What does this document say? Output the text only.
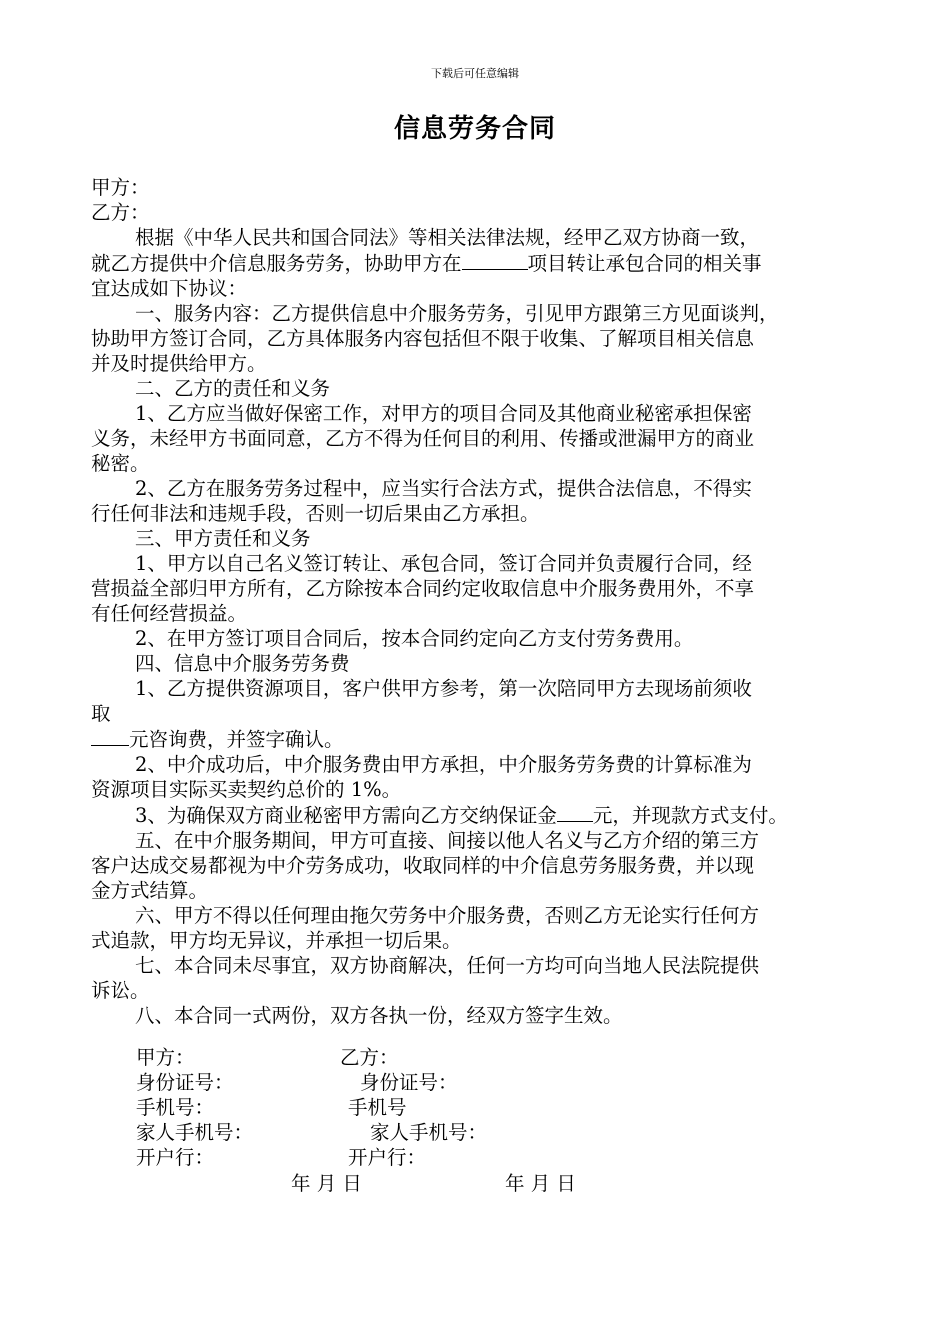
下载后可任意编辑
信息劳务合同
甲方：
乙方：
根据《中华人民共和国合同法》等相关法律法规，经甲乙双方协商一致，
就乙方提供中介信息服务劳务，协助甲方在	项目转让承包合同的相关事
宜达成如下协议：
一、服务内容：乙方提供信息中介服务劳务，引见甲方跟第三方见面谈判，
协助甲方签订合同，乙方具体服务内容包括但不限于收集、了解项目相关信息
并及时提供给甲方。
二、乙方的责任和义务
1、乙方应当做好保密工作，对甲方的项目合同及其他商业秘密承担保密
义务，未经甲方书面同意，乙方不得为任何目的利用、传播或泄漏甲方的商业
秘密。
2、乙方在服务劳务过程中，应当实行合法方式，提供合法信息，不得实
行任何非法和违规手段，否则一切后果由乙方承担。
三、甲方责任和义务
1、甲方以自己名义签订转让、承包合同，签订合同并负责履行合同，经
营损益全部归甲方所有，乙方除按本合同约定收取信息中介服务费用外，不享
有任何经营损益。
2、在甲方签订项目合同后，按本合同约定向乙方支付劳务费用。
四、信息中介服务劳务费
1、乙方提供资源项目，客户供甲方参考，第一次陪同甲方去现场前须收
取
元咨询费，并签字确认。
2、中介成功后，中介服务费由甲方承担，中介服务劳务费的计算标准为
资源项目实际买卖契约总价的 1%。
3、为确保双方商业秘密甲方需向乙方交纳保证金 元，并现款方式支付。
五、在中介服务期间，甲方可直接、间接以他人名义与乙方介绍的第三方
客户达成交易都视为中介劳务成功，收取同样的中介信息劳务服务费，并以现
金方式结算。
六、甲方不得以任何理由拖欠劳务中介服务费，否则乙方无论实行任何方
式追款，甲方均无异议，并承担一切后果。
七、本合同未尽事宜，双方协商解决，任何一方均可向当地人民法院提供
诉讼。
八、本合同一式两份，双方各执一份，经双方签字生效。
甲方：	乙方：
身份证号：	身份证号：
手机号：	手机号
家人手机号：	家人手机号：
开户行：	开户行：
年 月 日	年 月 日
